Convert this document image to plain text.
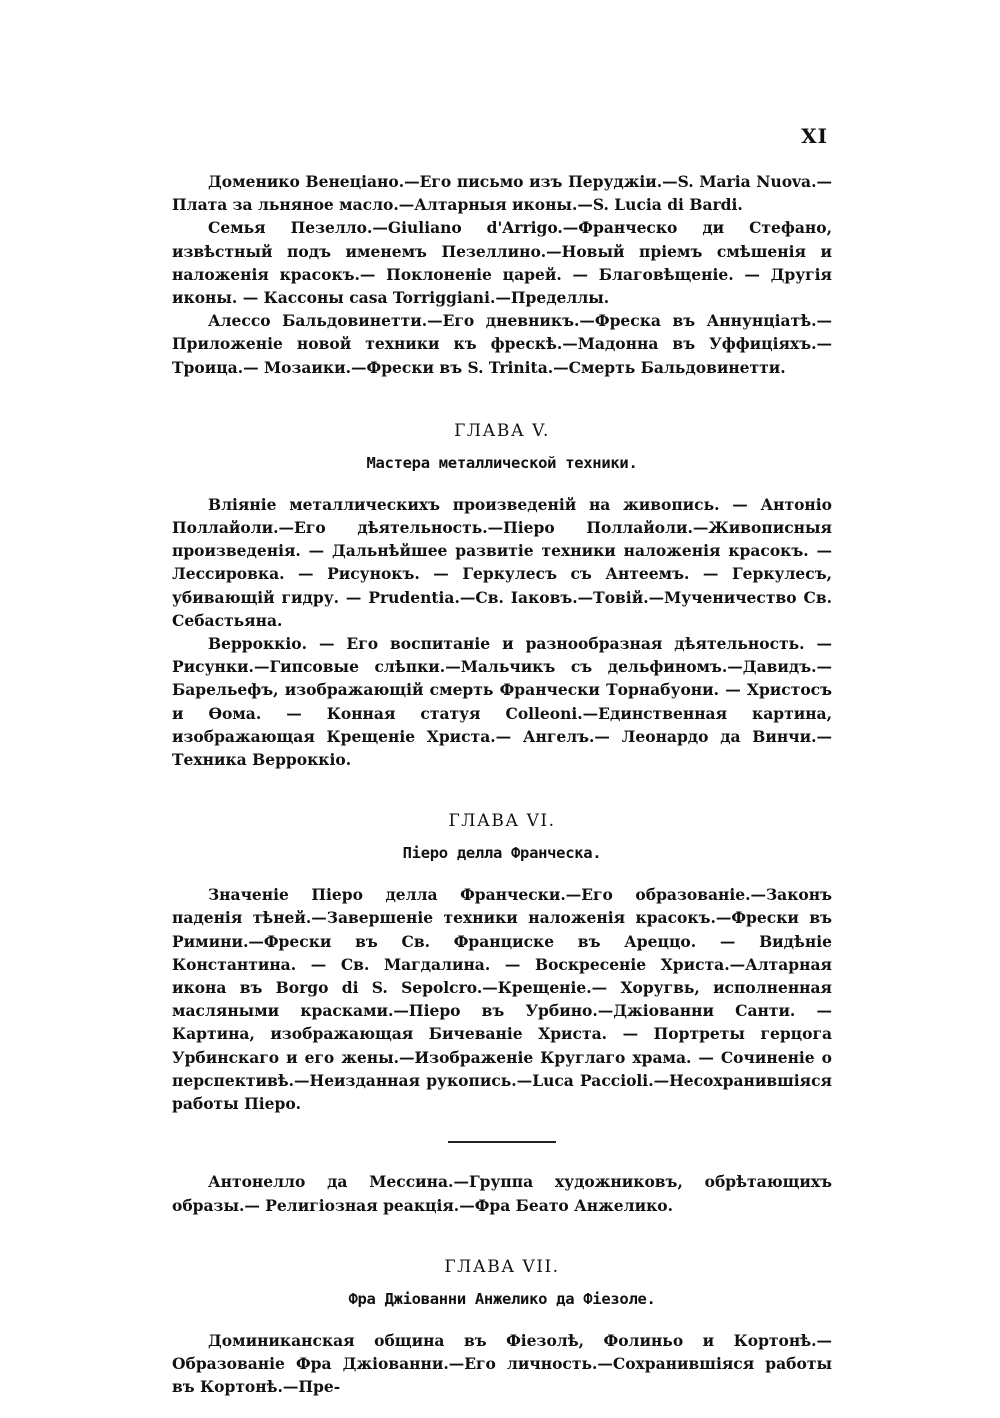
XI

Доменико Венеціано.—Его письмо изъ Перуджіи.—S. Maria Nuova.— Плата за льняное масло.—Алтарныя иконы.—S. Lucia di Bardi.

Семья Пезелло.—Giuliano d'Arrigo.—Франческо ди Стефано, извѣстный подъ именемъ Пезеллино.—Новый пріемъ смѣшенія и наложенія красокъ.— Поклоненіе царей. — Благовѣщеніе. — Другія иконы. — Кассоны casa Torriggiani.—Пределлы.

Алессо Бальдовинетти.—Его дневникъ.—Фреска въ Аннунціатѣ.— Приложеніе новой техники къ фрескѣ.—Мадонна въ Уффиціяхъ.—Троица.— Мозаики.—Фрески въ S. Trinita.—Смерть Бальдовинетти.

ГЛАВА V.
Мастера металлической техники.

Вліяніе металлическихъ произведеній на живопись. — Антоніо Поллайоли.—Его дѣятельность.—Піеро Поллайоли.—Живописныя произведенія. — Дальнѣйшее развитіе техники наложенія красокъ. — Лессировка. — Рисунокъ. — Геркулесъ съ Антеемъ. — Геркулесъ, убивающій гидру. — Prudentia.—Св. Іаковъ.—Товій.—Мученичество Св. Себастьяна.

Верроккіо. — Его воспитаніе и разнообразная дѣятельность. — Рисунки.—Гипсовые слѣпки.—Мальчикъ съ дельфиномъ.—Давидъ.—Барельефъ, изображающій смерть Франчески Торнабуони. — Христосъ и Ѳома. — Конная статуя Colleoni.—Единственная картина, изображающая Крещеніе Христа.— Ангелъ.— Леонардо да Винчи.—Техника Верроккіо.

ГЛАВА VI.
Піеро делла Франческа.

Значеніе Піеро делла Франчески.—Его образованіе.—Законъ паденія тѣней.—Завершеніе техники наложенія красокъ.—Фрески въ Римини.—Фрески въ Св. Франциске въ Ареццо. — Видѣніе Константина. — Св. Магдалина. — Воскресеніе Христа.—Алтарная икона въ Borgo di S. Sepolcro.—Крещеніе.— Хоругвь, исполненная масляными красками.—Піеро въ Урбино.—Джіованни Санти. — Картина, изображающая Бичеваніе Христа. — Портреты герцога Урбинскаго и его жены.—Изображеніе Круглаго храма. — Сочиненіе о перспективѣ.—Неизданная рукопись.—Luca Paccioli.—Несохранившіяся работы Піеро.

Антонелло да Мессина.—Группа художниковъ, обрѣтающихъ образы.— Религіозная реакція.—Фра Беато Анжелико.

ГЛАВА VII.
Фра Джіованни Анжелико да Фіезоле.

Доминиканская община въ Фіезолѣ, Фолиньо и Кортонѣ.—Образованіе Фра Джіованни.—Его личность.—Сохранившіяся работы въ Кортонѣ.—Пре-
